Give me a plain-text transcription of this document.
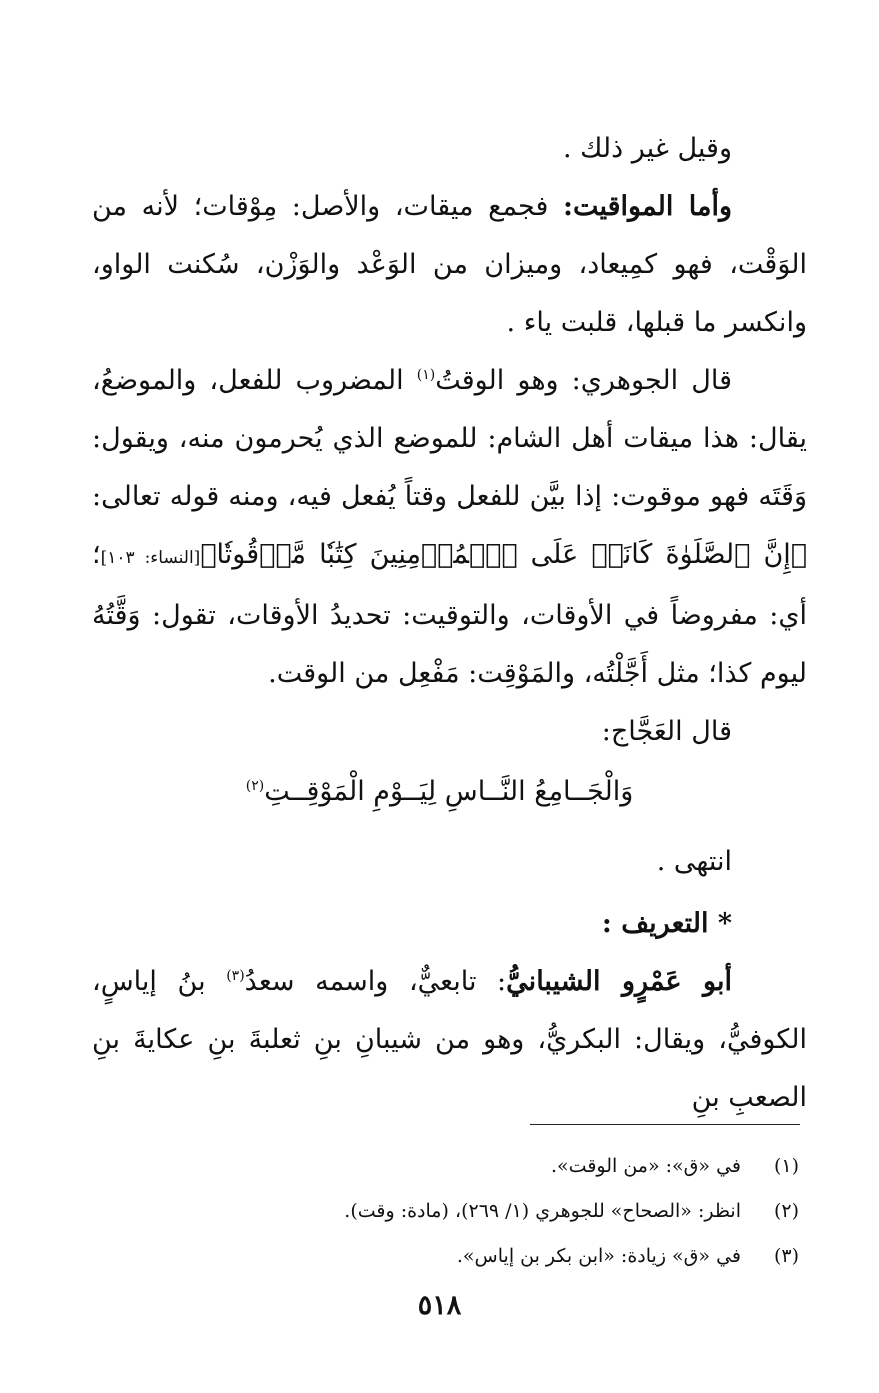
وقيل غير ذلك .

وأما المواقيت: فجمع ميقات، والأصل: مِوْقات؛ لأنه من الوَقْت، فهو كمِيعاد، وميزان من الوَعْد والوَزْن، سُكنت الواو، وانكسر ما قبلها، قلبت ياء .

قال الجوهري: وهو الوقتُ$^{(١)}$ المضروب للفعل، والموضعُ، يقال: هذا ميقات أهل الشام: للموضع الذي يُحرمون منه، ويقول: وَقَتَه فهو موقوت: إذا بيَّن للفعل وقتاً يُفعل فيه، ومنه قوله تعالى: ﴿إِنَّ ٱلصَّلَوٰةَ كَانَتۡ عَلَى ٱلۡمُؤۡمِنِينَ كِتَٰبٗا مَّوۡقُوتٗا﴾[النساء: ١٠٣]؛ أي: مفروضاً في الأوقات، والتوقيت: تحديدُ الأوقات، تقول: وَقَّتُهُ ليوم كذا؛ مثل أَجَّلْتُه، والمَوْقِت: مَفْعِل من الوقت.

قال العَجَّاج:

وَالْجَــامِعُ النَّــاسِ لِيَــوْمِ الْمَوْقِــتِ$^{(٢)}$

انتهى .

* التعريف :

أبو عَمْرٍو الشيبانيُّ: تابعيٌّ، واسمه سعدُ$^{(٣)}$ بنُ إياسٍ، الكوفيُّ، ويقال: البكريُّ، وهو من شيبانِ بنِ ثعلبةَ بنِ عكايةَ بنِ الصعبِ بنِ

(١)
في «ق»: «من الوقت».
(٢)
انظر: «الصحاح» للجوهري (١/ ٢٦٩)، (مادة: وقت).
(٣)
في «ق» زيادة: «ابن بكر بن إياس».
٥١٨
